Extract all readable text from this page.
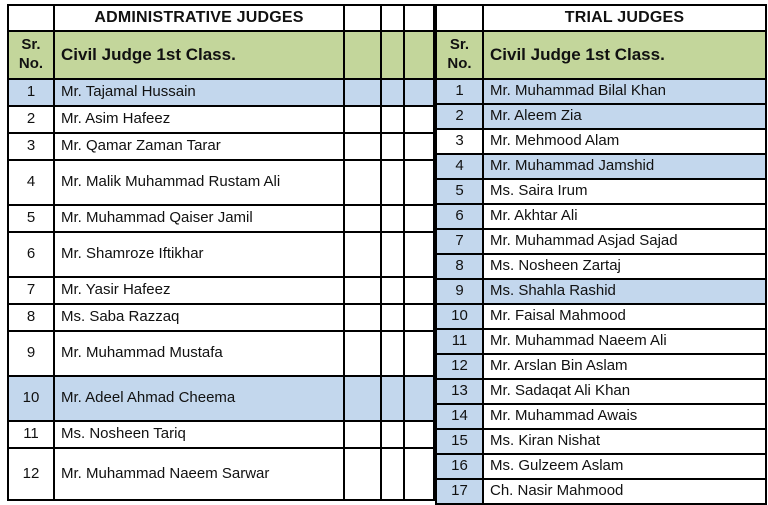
	ADMINISTRATIVE JUDGES			
Sr. No.	Civil Judge 1st Class.			
1	Mr. Tajamal Hussain			
2	Mr. Asim Hafeez			
3	Mr. Qamar Zaman Tarar			
4	Mr. Malik Muhammad Rustam Ali			
5	Mr. Muhammad Qaiser Jamil			
6	Mr. Shamroze Iftikhar			
7	Mr. Yasir Hafeez			
8	Ms. Saba Razzaq			
9	Mr. Muhammad Mustafa			
10	Mr. Adeel Ahmad Cheema			
11	Ms. Nosheen Tariq			
12	Mr. Muhammad Naeem Sarwar			
	TRIAL JUDGES
Sr. No.	Civil Judge 1st Class.
1	Mr. Muhammad Bilal Khan
2	Mr. Aleem Zia
3	Mr. Mehmood Alam
4	Mr. Muhammad Jamshid
5	Ms. Saira Irum
6	Mr. Akhtar Ali
7	Mr. Muhammad Asjad Sajad
8	Ms. Nosheen Zartaj
9	Ms. Shahla Rashid
10	Mr. Faisal Mahmood
11	Mr. Muhammad Naeem Ali
12	Mr. Arslan Bin Aslam
13	Mr. Sadaqat Ali Khan
14	Mr. Muhammad Awais
15	Ms. Kiran Nishat
16	Ms. Gulzeem Aslam
17	Ch. Nasir Mahmood
